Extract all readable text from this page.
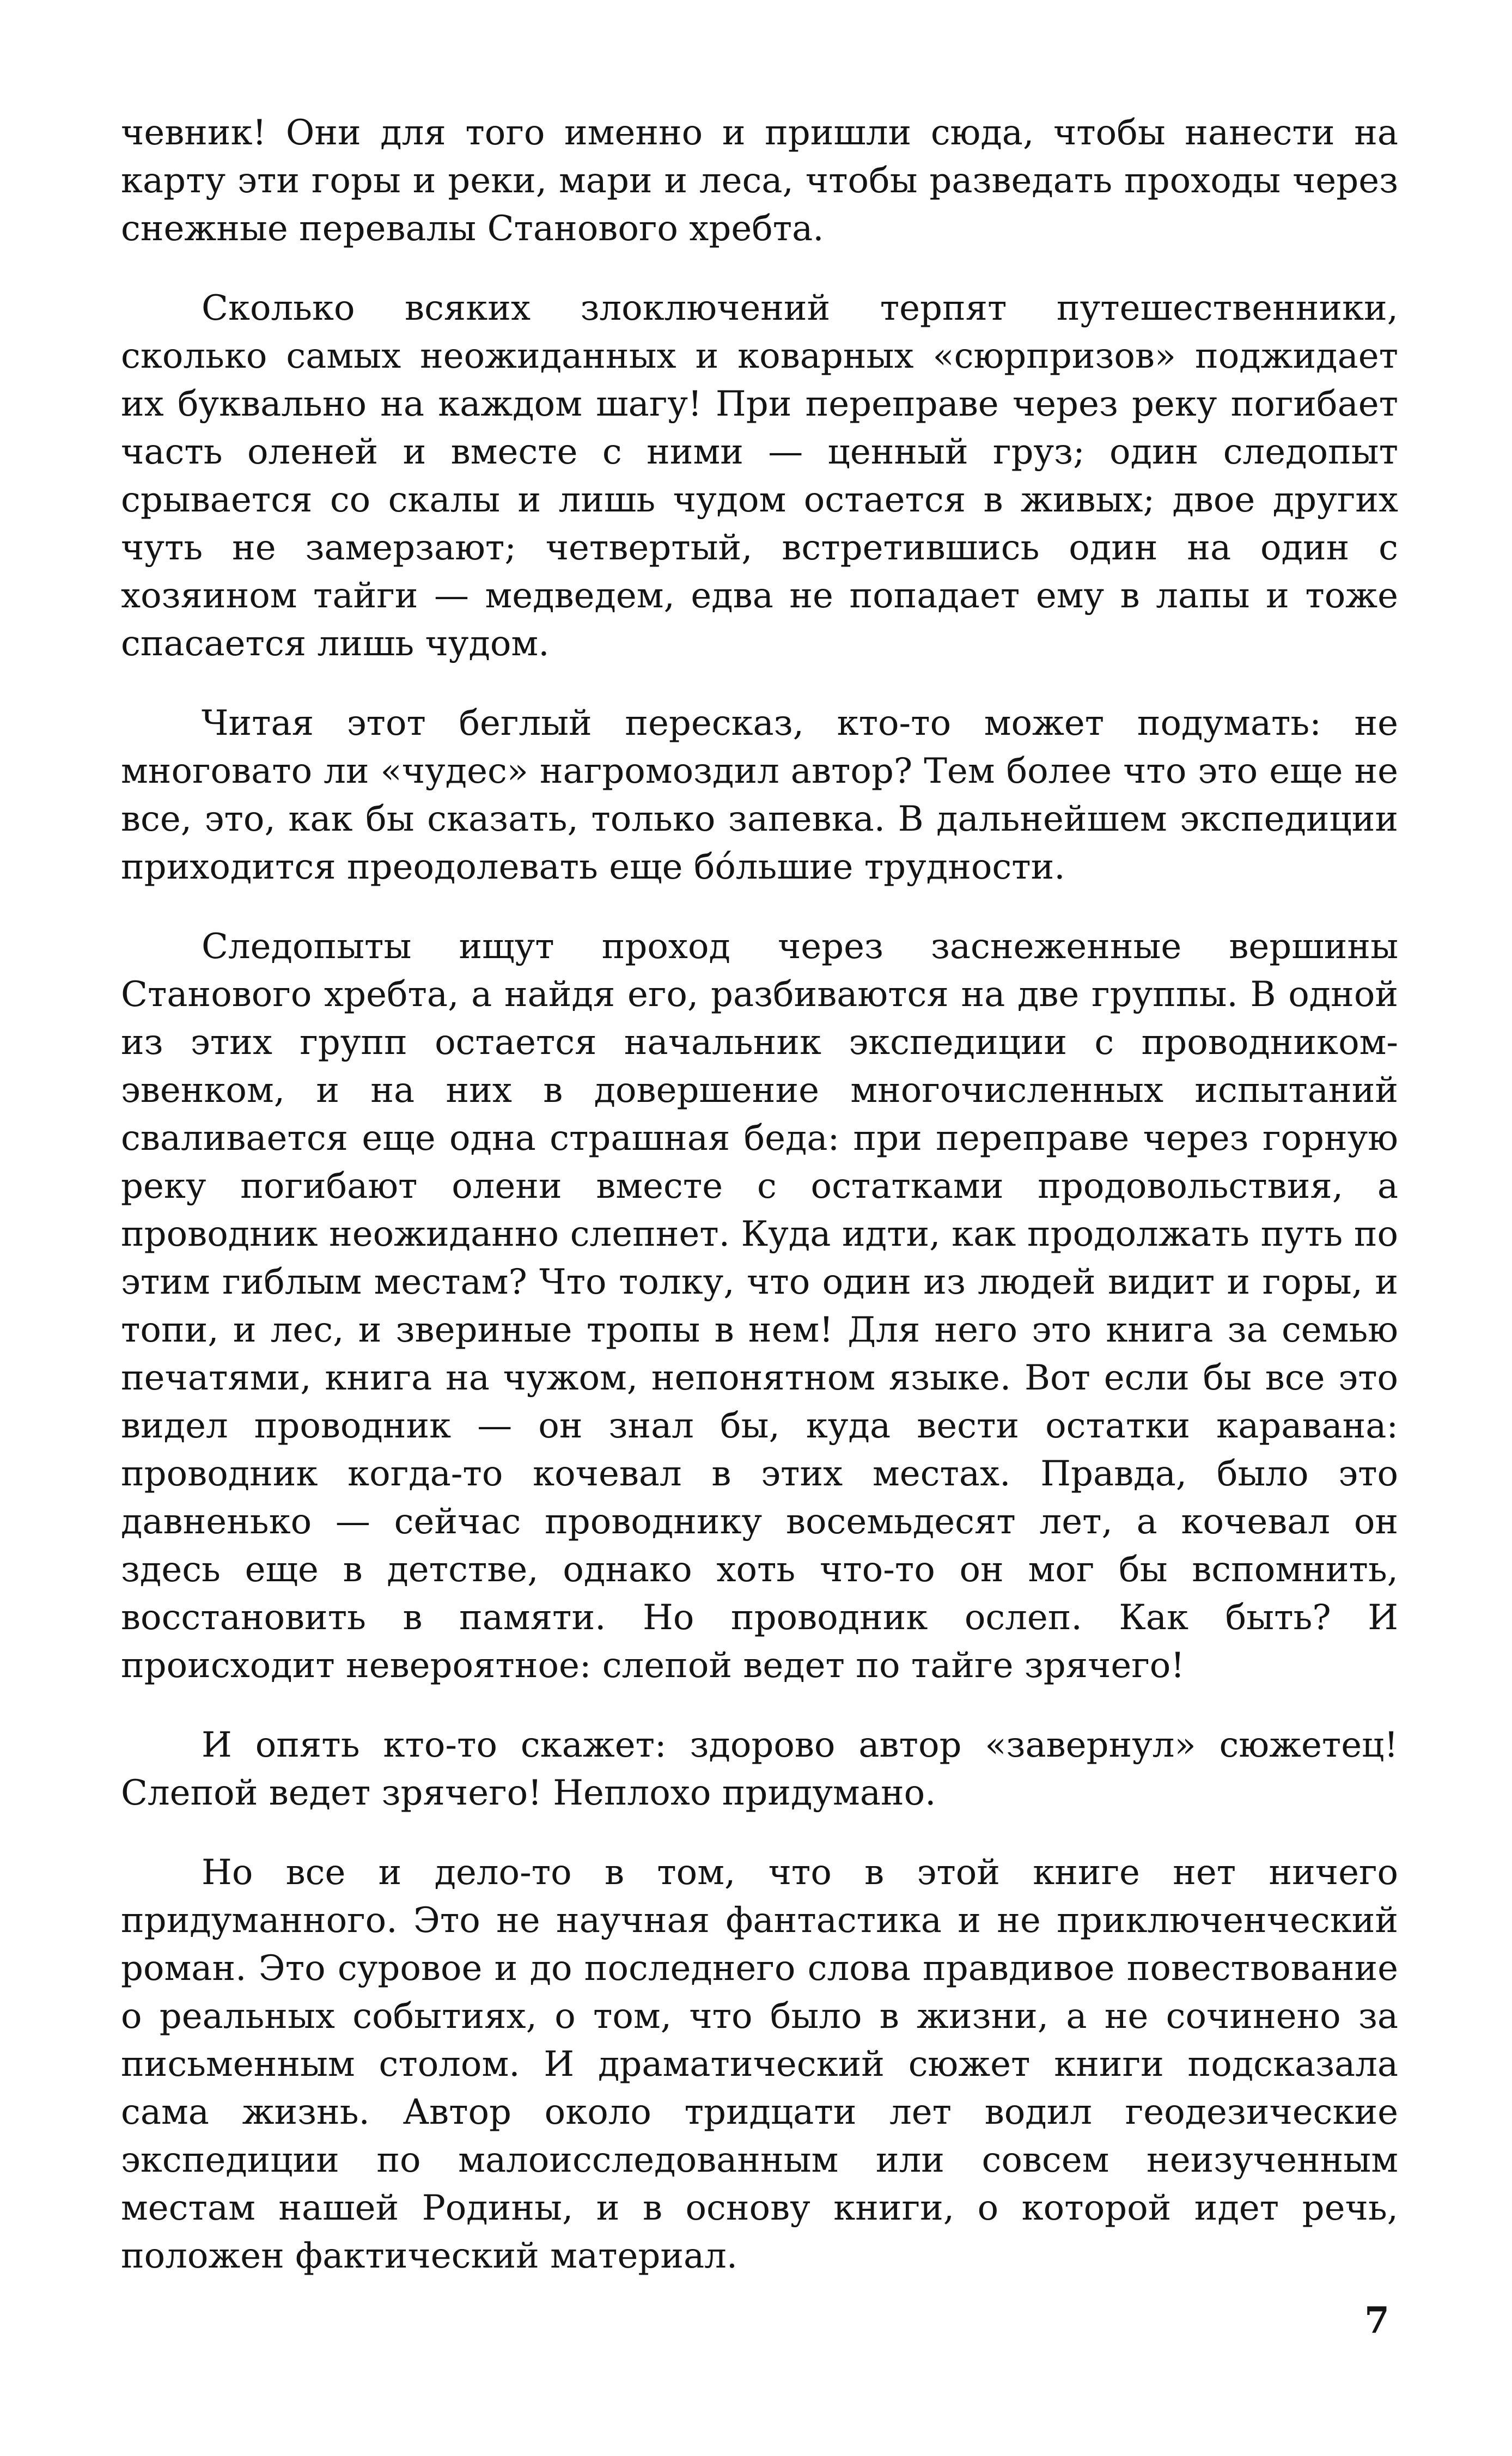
чевник! Они для того именно и пришли сюда, чтобы нанести на карту эти горы и реки, мари и леса, чтобы разведать проходы через снежные перевалы Станового хребта.

Сколько всяких злоключений терпят путешественники, сколько самых неожиданных и коварных «сюрпризов» поджидает их буквально на каждом шагу! При переправе через реку погибает часть оленей и вместе с ними — ценный груз; один следопыт срывается со скалы и лишь чудом остается в живых; двое других чуть не замерзают; четвертый, встретившись один на один с хозяином тайги — медведем, едва не попадает ему в лапы и тоже спасается лишь чудом.

Читая этот беглый пересказ, кто-то может подумать: не многовато ли «чудес» нагромоздил автор? Тем более что это еще не все, это, как бы сказать, только запевка. В дальнейшем экспедиции приходится преодолевать еще бо́льшие трудности.

Следопыты ищут проход через заснеженные вершины Станового хребта, а найдя его, разбиваются на две группы. В одной из этих групп остается начальник экспедиции с проводником-эвенком, и на них в довершение многочисленных испытаний сваливается еще одна страшная беда: при переправе через горную реку погибают олени вместе с остатками продовольствия, а проводник неожиданно слепнет. Куда идти, как продолжать путь по этим гиблым местам? Что толку, что один из людей видит и горы, и топи, и лес, и звериные тропы в нем! Для него это книга за семью печатями, книга на чужом, непонятном языке. Вот если бы все это видел проводник — он знал бы, куда вести остатки каравана: проводник когда-то кочевал в этих местах. Правда, было это давненько — сейчас проводнику восемьдесят лет, а кочевал он здесь еще в детстве, однако хоть что-то он мог бы вспомнить, восстановить в памяти. Но проводник ослеп. Как быть? И происходит невероятное: слепой ведет по тайге зрячего!

И опять кто-то скажет: здорово автор «завернул» сюжетец! Слепой ведет зрячего! Неплохо придумано.

Но все и дело-то в том, что в этой книге нет ничего придуманного. Это не научная фантастика и не приключенческий роман. Это суровое и до последнего слова правдивое повествование о реальных событиях, о том, что было в жизни, а не сочинено за письменным столом. И драматический сюжет книги подсказала сама жизнь. Автор около тридцати лет водил геодезические экспедиции по малоисследованным или совсем неизученным местам нашей Родины, и в основу книги, о которой идет речь, положен фактический материал.

7
